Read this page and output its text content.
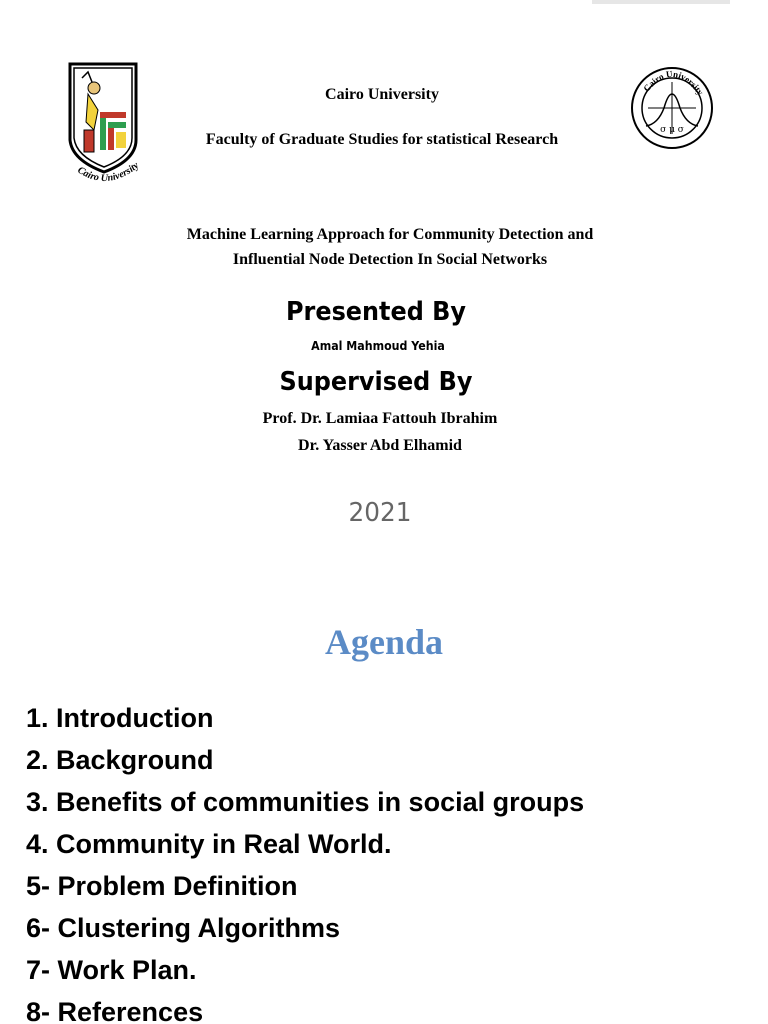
Cairo University
Cairo University
Faculty of Graduate Studies for statistical Research
Cairo University
σ μ σ
Machine Learning Approach for Community Detection and
Influential Node Detection In Social Networks
Presented By
Amal Mahmoud Yehia
Supervised By
Prof. Dr. Lamiaa Fattouh Ibrahim
Dr. Yasser Abd Elhamid
2021
Agenda
1. Introduction
2. Background
3. Benefits of communities in social groups
4. Community in Real World.
5- Problem Definition
6- Clustering Algorithms
7- Work Plan.
8- References
